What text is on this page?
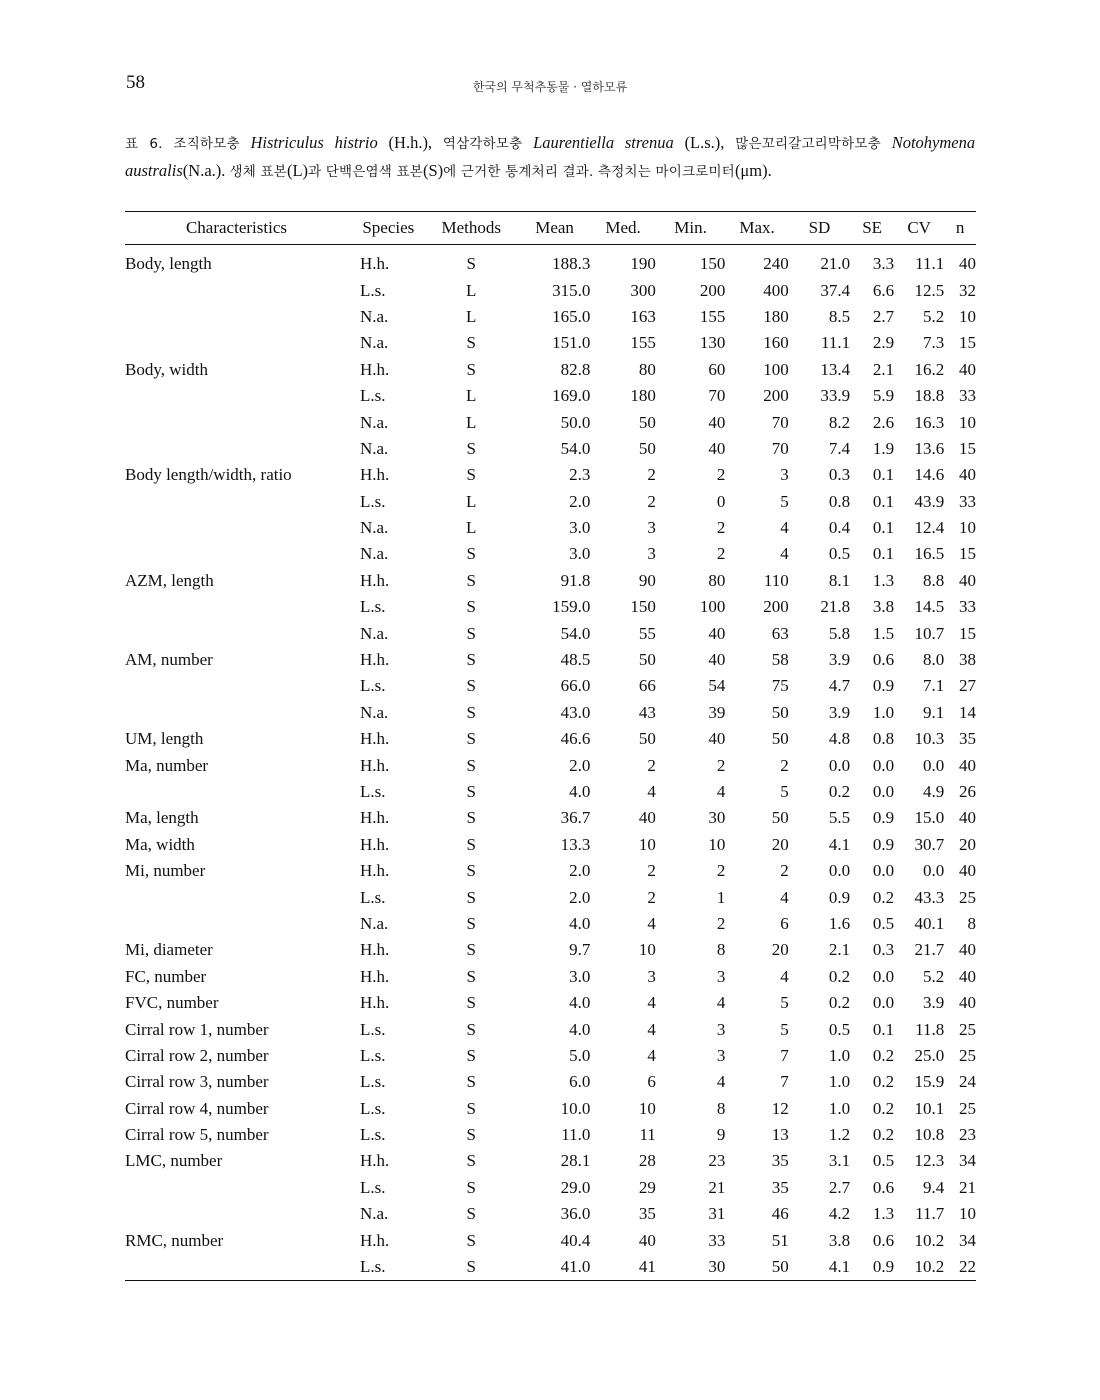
58	한국의 무척추동물 · 열하모류
표 6. 조직하모충 Histriculus histrio (H.h.), 역삼각하모충 Laurentiella strenua (L.s.), 많은꼬리갈고리막하모충 Notohymena australis(N.a.). 생체 표본(L)과 단백은염색 표본(S)에 근거한 통계처리 결과. 측정치는 마이크로미터(μm).
Characteristics	Species	Methods	Mean	Med.	Min.	Max.	SD	SE	CV	n
Body, length	H.h.	S	188.3	190	150	240	21.0	3.3	11.1	40
	L.s.	L	315.0	300	200	400	37.4	6.6	12.5	32
	N.a.	L	165.0	163	155	180	8.5	2.7	5.2	10
	N.a.	S	151.0	155	130	160	11.1	2.9	7.3	15
Body, width	H.h.	S	82.8	80	60	100	13.4	2.1	16.2	40
	L.s.	L	169.0	180	70	200	33.9	5.9	18.8	33
	N.a.	L	50.0	50	40	70	8.2	2.6	16.3	10
	N.a.	S	54.0	50	40	70	7.4	1.9	13.6	15
Body length/width, ratio	H.h.	S	2.3	2	2	3	0.3	0.1	14.6	40
	L.s.	L	2.0	2	0	5	0.8	0.1	43.9	33
	N.a.	L	3.0	3	2	4	0.4	0.1	12.4	10
	N.a.	S	3.0	3	2	4	0.5	0.1	16.5	15
AZM, length	H.h.	S	91.8	90	80	110	8.1	1.3	8.8	40
	L.s.	S	159.0	150	100	200	21.8	3.8	14.5	33
	N.a.	S	54.0	55	40	63	5.8	1.5	10.7	15
AM, number	H.h.	S	48.5	50	40	58	3.9	0.6	8.0	38
	L.s.	S	66.0	66	54	75	4.7	0.9	7.1	27
	N.a.	S	43.0	43	39	50	3.9	1.0	9.1	14
UM, length	H.h.	S	46.6	50	40	50	4.8	0.8	10.3	35
Ma, number	H.h.	S	2.0	2	2	2	0.0	0.0	0.0	40
	L.s.	S	4.0	4	4	5	0.2	0.0	4.9	26
Ma, length	H.h.	S	36.7	40	30	50	5.5	0.9	15.0	40
Ma, width	H.h.	S	13.3	10	10	20	4.1	0.9	30.7	20
Mi, number	H.h.	S	2.0	2	2	2	0.0	0.0	0.0	40
	L.s.	S	2.0	2	1	4	0.9	0.2	43.3	25
	N.a.	S	4.0	4	2	6	1.6	0.5	40.1	8
Mi, diameter	H.h.	S	9.7	10	8	20	2.1	0.3	21.7	40
FC, number	H.h.	S	3.0	3	3	4	0.2	0.0	5.2	40
FVC, number	H.h.	S	4.0	4	4	5	0.2	0.0	3.9	40
Cirral row 1, number	L.s.	S	4.0	4	3	5	0.5	0.1	11.8	25
Cirral row 2, number	L.s.	S	5.0	4	3	7	1.0	0.2	25.0	25
Cirral row 3, number	L.s.	S	6.0	6	4	7	1.0	0.2	15.9	24
Cirral row 4, number	L.s.	S	10.0	10	8	12	1.0	0.2	10.1	25
Cirral row 5, number	L.s.	S	11.0	11	9	13	1.2	0.2	10.8	23
LMC, number	H.h.	S	28.1	28	23	35	3.1	0.5	12.3	34
	L.s.	S	29.0	29	21	35	2.7	0.6	9.4	21
	N.a.	S	36.0	35	31	46	4.2	1.3	11.7	10
RMC, number	H.h.	S	40.4	40	33	51	3.8	0.6	10.2	34
	L.s.	S	41.0	41	30	50	4.1	0.9	10.2	22
